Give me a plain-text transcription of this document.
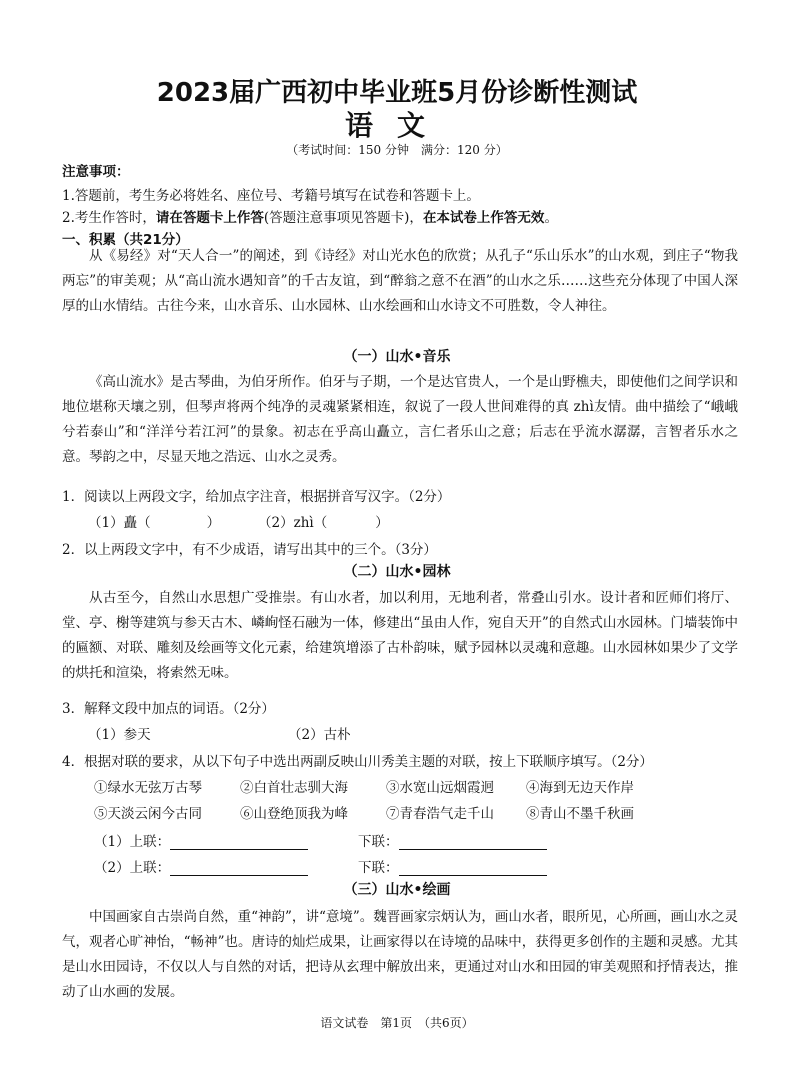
2023届广西初中毕业班5月份诊断性测试
语文
（考试时间：150 分钟　满分：120 分）

注意事项：

1.答题前，考生务必将姓名、座位号、考籍号填写在试卷和答题卡上。

2.考生作答时，请在答题卡上作答(答题注意事项见答题卡)，在本试卷上作答无效。

一、积累（共21分）

从《易经》对“天人合一”的阐述，到《诗经》对山光水色的欣赏；从孔子“乐山乐水”的山水观，到庄子“物我两忘”的审美观；从“高山流水遇知音”的千古友谊，到“醉翁之意不在酒”的山水之乐……这些充分体现了中国人深厚的山水情结。古往今来，山水音乐、山水园林、山水绘画和山水诗文不可胜数，令人神往。

（一）山水•音乐

《高山流水》是古琴曲，为伯牙所作。伯牙与子期，一个是达官贵人，一个是山野樵夫，即使他们之间学识和地位堪称天壤之别，但琴声将两个纯净的灵魂紧紧相连，叙说了一段人世间难得的真 zhì友情。曲中描绘了“峨峨兮若泰山”和“洋洋兮若江河”的景象。初志在乎高山矗立，言仁者乐山之意；后志在乎流水潺潺，言智者乐水之意。琴韵之中，尽显天地之浩远、山水之灵秀。

1．阅读以上两段文字，给加点字注音，根据拼音写汉字。（2分）
（1）矗（	）	（2）zhì（	）
2．以上两段文字中，有不少成语，请写出其中的三个。（3分）
（二）山水•园林

从古至今，自然山水思想广受推崇。有山水者，加以利用，无地利者，常叠山引水。设计者和匠师们将厅、堂、亭、榭等建筑与参天古木、嶙峋怪石融为一体，修建出“虽由人作，宛自天开”的自然式山水园林。门墙装饰中的匾额、对联、雕刻及绘画等文化元素，给建筑增添了古朴韵味，赋予园林以灵魂和意趣。山水园林如果少了文学的烘托和渲染，将索然无味。

3．解释文段中加点的词语。（2分）
（1）参天	（2）古朴
4．根据对联的要求，从以下句子中选出两副反映山川秀美主题的对联，按上下联顺序填写。（2分）
①绿水无弦万古琴	②白首壮志驯大海	③水宽山远烟霞迥 ④海到无边天作岸
⑤天淡云闲今古同	⑥山登绝顶我为峰	⑦青春浩气走千山 ⑧青山不墨千秋画
（1）上联：	下联：
（2）上联：	下联：
（三）山水•绘画

中国画家自古崇尚自然，重“神韵”，讲“意境”。魏晋画家宗炳认为，画山水者，眼所见，心所画，画山水之灵气，观者心旷神怡，“畅神”也。唐诗的灿烂成果，让画家得以在诗境的品味中，获得更多创作的主题和灵感。尤其是山水田园诗，不仅以人与自然的对话，把诗从玄理中解放出来，更通过对山水和田园的审美观照和抒情表达，推动了山水画的发展。

语文试卷　第1页　（共6页）
